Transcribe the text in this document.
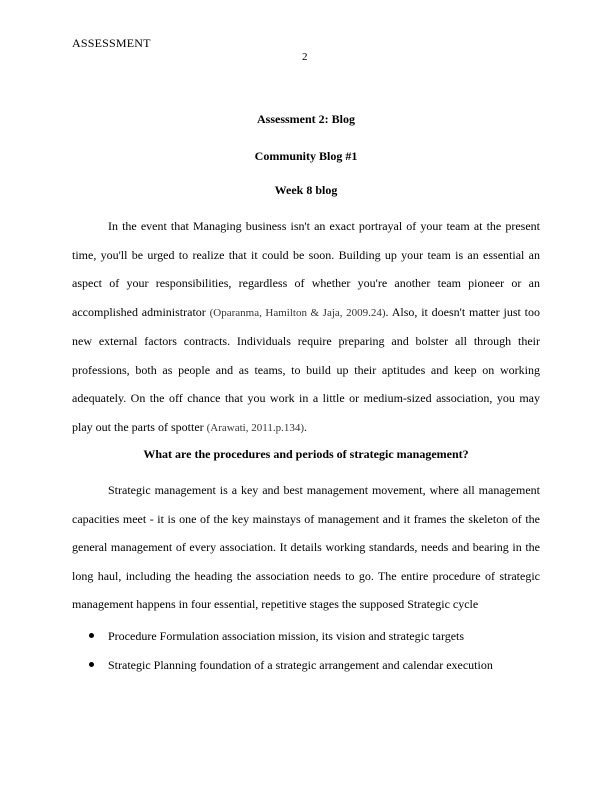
ASSESSMENT
2
Assessment 2: Blog
Community Blog #1
Week 8 blog

In the event that Managing business isn't an exact portrayal of your team at the present time, you'll be urged to realize that it could be soon. Building up your team is an essential an aspect of your responsibilities, regardless of whether you're another team pioneer or an accomplished administrator (Oparanma, Hamilton & Jaja, 2009.24). Also, it doesn't matter just too new external factors contracts. Individuals require preparing and bolster all through their professions, both as people and as teams, to build up their aptitudes and keep on working adequately. On the off chance that you work in a little or medium-sized association, you may play out the parts of spotter (Arawati, 2011.p.134).

What are the procedures and periods of strategic management?

Strategic management is a key and best management movement, where all management capacities meet - it is one of the key mainstays of management and it frames the skeleton of the general management of every association. It details working standards, needs and bearing in the long haul, including the heading the association needs to go. The entire procedure of strategic management happens in four essential, repetitive stages the supposed Strategic cycle

Procedure Formulation association mission, its vision and strategic targets
Strategic Planning foundation of a strategic arrangement and calendar execution
